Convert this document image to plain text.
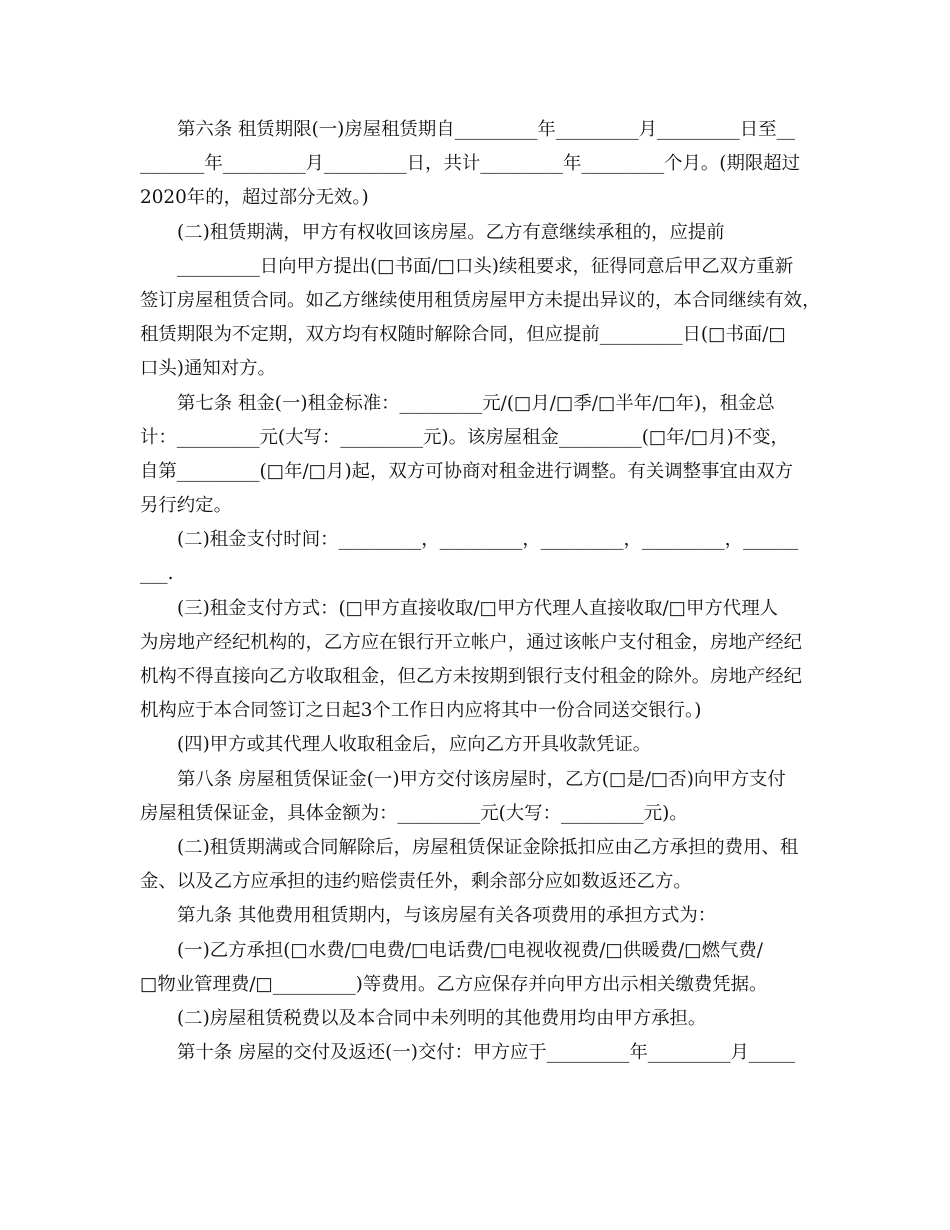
第六条 租赁期限(一)房屋租赁期自_________年_________月_________日至__
_______年_________月_________日，共计_________年_________个月。(期限超过
2020年的，超过部分无效。)
(二)租赁期满，甲方有权收回该房屋。乙方有意继续承租的，应提前
_________日向甲方提出(□书面/□口头)续租要求，征得同意后甲乙双方重新
签订房屋租赁合同。如乙方继续使用租赁房屋甲方未提出异议的，本合同继续有效，
租赁期限为不定期，双方均有权随时解除合同，但应提前_________日(□书面/□
口头)通知对方。
第七条 租金(一)租金标准：_________元/(□月/□季/□半年/□年)，租金总
计：_________元(大写：_________元)。该房屋租金_________(□年/□月)不变，
自第_________(□年/□月)起，双方可协商对租金进行调整。有关调整事宜由双方
另行约定。
(二)租金支付时间：_________，_________，_________，_________，______
___.
(三)租金支付方式：(□甲方直接收取/□甲方代理人直接收取/□甲方代理人
为房地产经纪机构的，乙方应在银行开立帐户，通过该帐户支付租金，房地产经纪
机构不得直接向乙方收取租金，但乙方未按期到银行支付租金的除外。房地产经纪
机构应于本合同签订之日起3个工作日内应将其中一份合同送交银行。)
(四)甲方或其代理人收取租金后，应向乙方开具收款凭证。
第八条 房屋租赁保证金(一)甲方交付该房屋时，乙方(□是/□否)向甲方支付
房屋租赁保证金，具体金额为：_________元(大写：_________元)。
(二)租赁期满或合同解除后，房屋租赁保证金除抵扣应由乙方承担的费用、租
金、以及乙方应承担的违约赔偿责任外，剩余部分应如数返还乙方。
第九条 其他费用租赁期内，与该房屋有关各项费用的承担方式为：
(一)乙方承担(□水费/□电费/□电话费/□电视收视费/□供暖费/□燃气费/
□物业管理费/□_________)等费用。乙方应保存并向甲方出示相关缴费凭据。
(二)房屋租赁税费以及本合同中未列明的其他费用均由甲方承担。
第十条 房屋的交付及返还(一)交付：甲方应于_________年_________月_____
